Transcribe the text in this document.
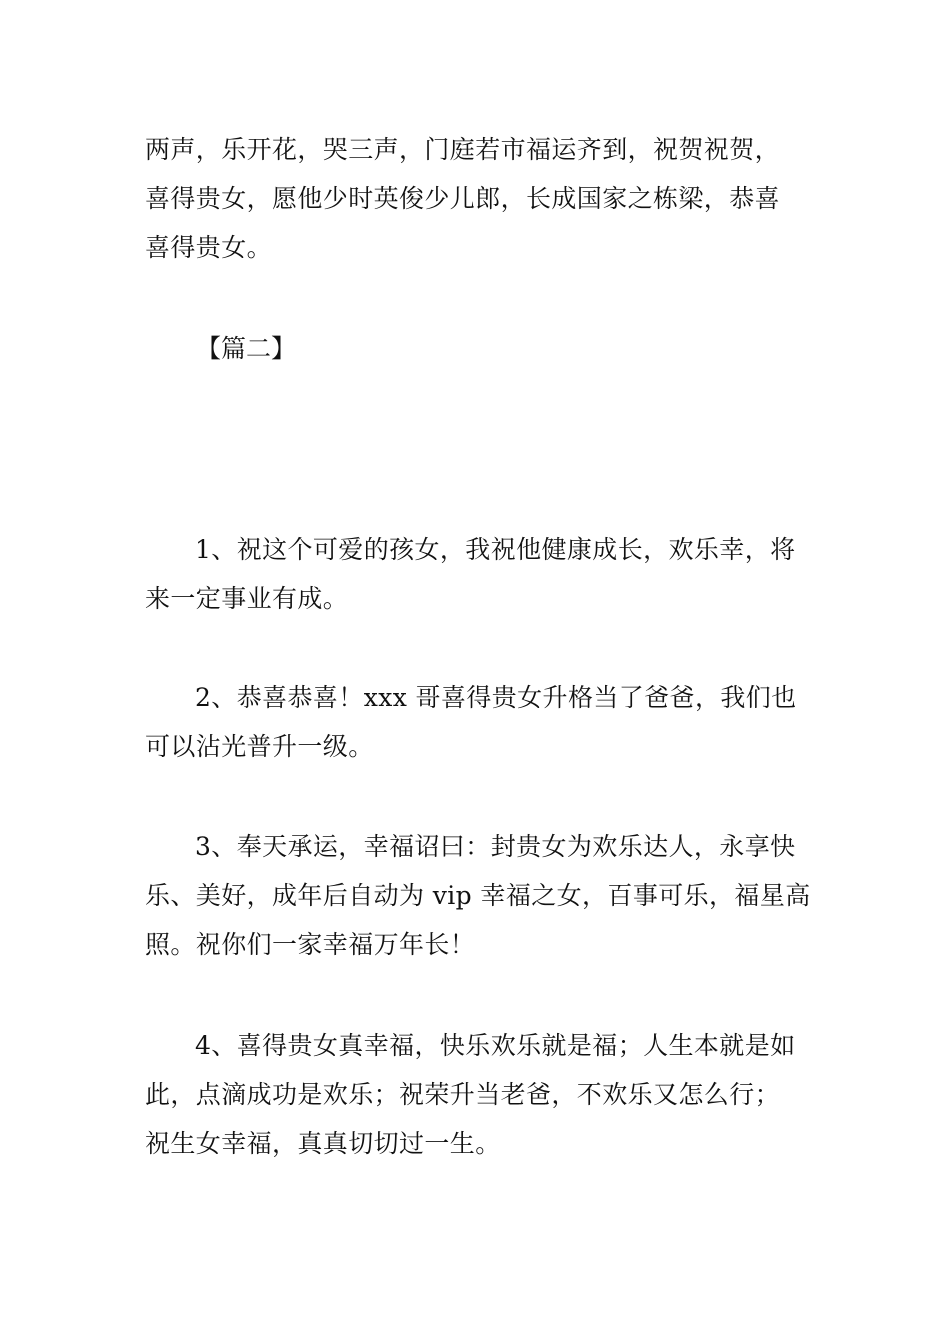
两声，乐开花，哭三声，门庭若市福运齐到，祝贺祝贺，
喜得贵女，愿他少时英俊少儿郎，长成国家之栋梁，恭喜
喜得贵女。
【篇二】
1、祝这个可爱的孩女，我祝他健康成长，欢乐幸，将
来一定事业有成。
2、恭喜恭喜！xxx 哥喜得贵女升格当了爸爸，我们也
可以沾光普升一级。
3、奉天承运，幸福诏曰：封贵女为欢乐达人，永享快
乐、美好，成年后自动为 vip 幸福之女，百事可乐，福星高
照。祝你们一家幸福万年长！
4、喜得贵女真幸福，快乐欢乐就是福；人生本就是如
此，点滴成功是欢乐；祝荣升当老爸，不欢乐又怎么行；
祝生女幸福，真真切切过一生。
